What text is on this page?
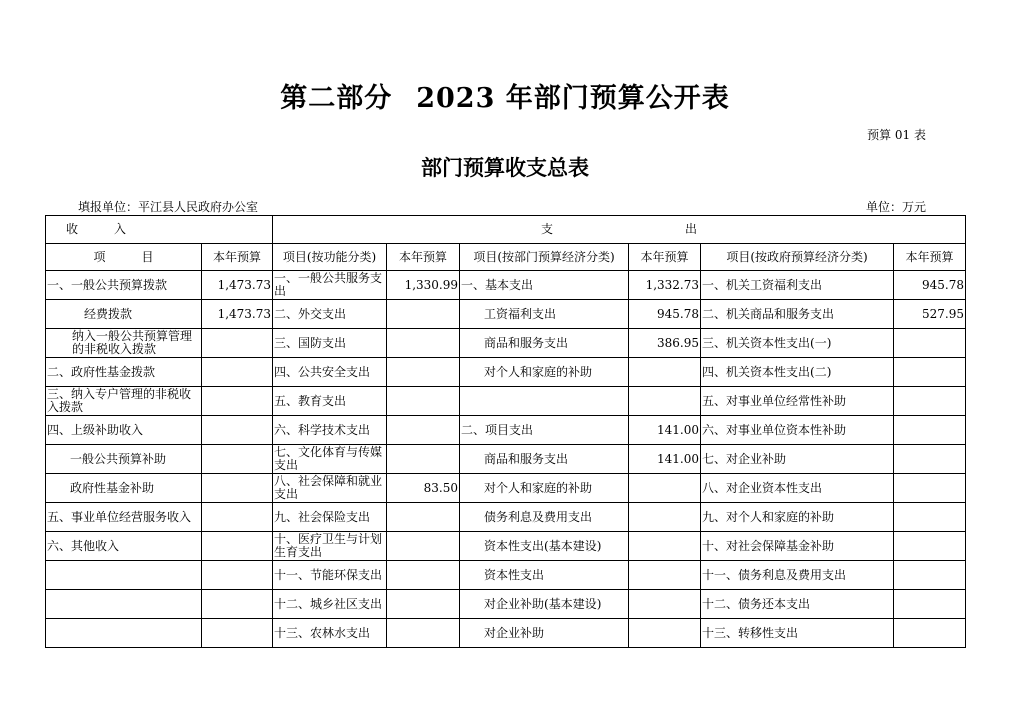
第二部分 2023 年部门预算公开表
预算 01 表
部门预算收支总表
填报单位：平江县人民政府办公室	单位：万元
收　　　入		支　　　　　　　　　　　出					
项　　　目	本年预算	项目(按功能分类)	本年预算	项目(按部门预算经济分类)	本年预算	项目(按政府预算经济分类)	本年预算
一、一般公共预算拨款	1,473.73	一、一般公共服务支出	1,330.99	一、基本支出	1,332.73	一、机关工资福利支出	945.78
经费拨款	1,473.73	二、外交支出		工资福利支出	945.78	二、机关商品和服务支出	527.95
纳入一般公共预算管理的非税收入拨款		三、国防支出		商品和服务支出	386.95	三、机关资本性支出(一)	
二、政府性基金拨款		四、公共安全支出		对个人和家庭的补助		四、机关资本性支出(二)	
三、纳入专户管理的非税收入拨款		五、教育支出				五、对事业单位经常性补助	
四、上级补助收入		六、科学技术支出		二、项目支出	141.00	六、对事业单位资本性补助	
一般公共预算补助		七、文化体育与传媒支出		商品和服务支出	141.00	七、对企业补助	
政府性基金补助		八、社会保障和就业支出	83.50	对个人和家庭的补助		八、对企业资本性支出	
五、事业单位经营服务收入		九、社会保险支出		债务利息及费用支出		九、对个人和家庭的补助	
六、其他收入		十、医疗卫生与计划生育支出		资本性支出(基本建设)		十、对社会保障基金补助	
		十一、节能环保支出		资本性支出		十一、债务利息及费用支出	
		十二、城乡社区支出		对企业补助(基本建设)		十二、债务还本支出	
		十三、农林水支出		对企业补助		十三、转移性支出	
